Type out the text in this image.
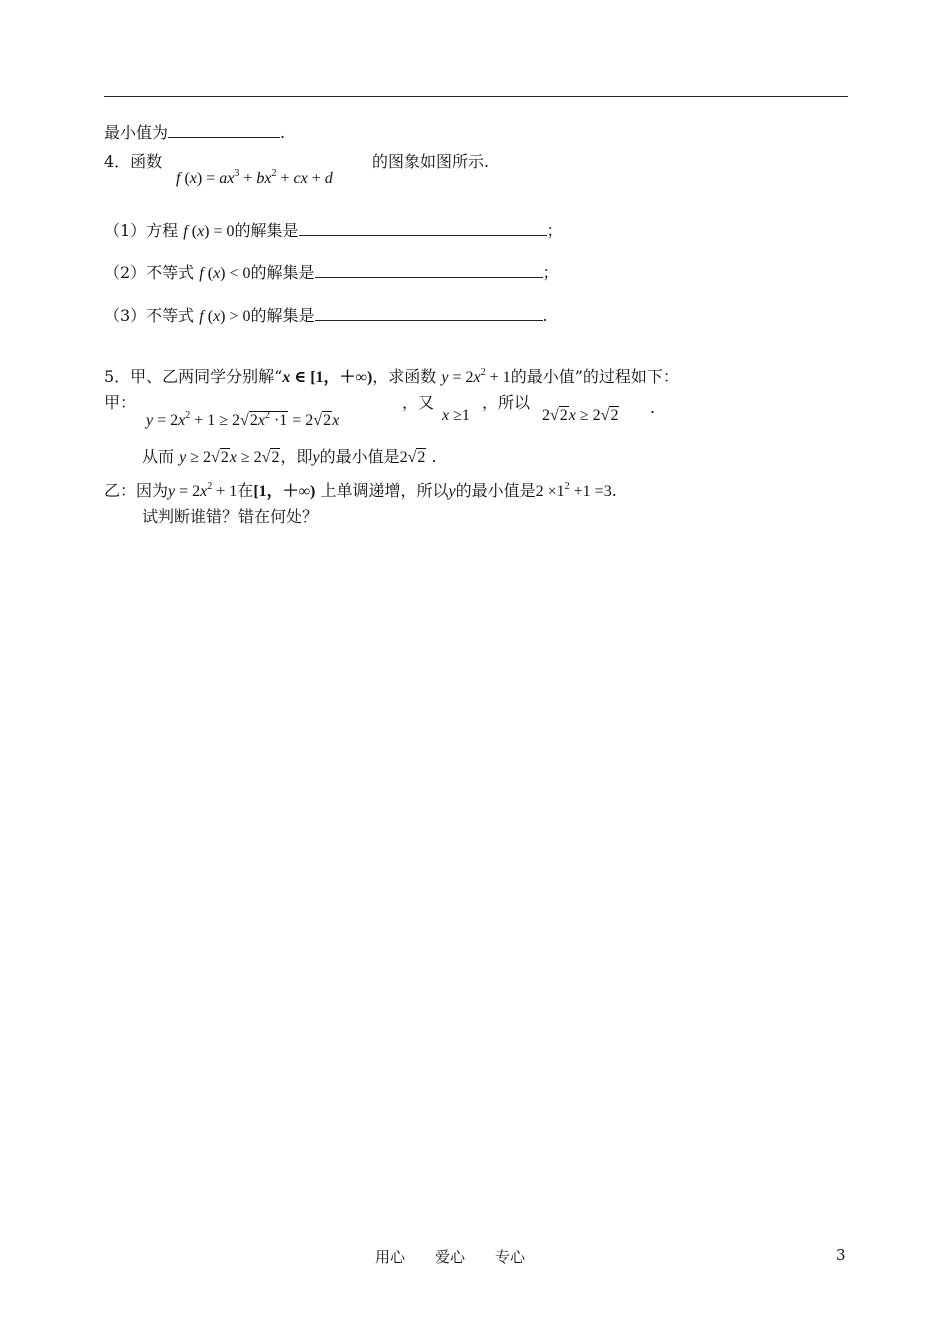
最小值为	.
4．函数
f $(x) = ax^3 + bx^2$ + cx + d
的图象如图所示.
（1）方程 f (x) = 0的解集是	；
（2）不等式 f (x) < 0的解集是	；
（3）不等式 f (x) > 0的解集是	.
5．甲、乙两同学分别解“x ∈ [1，＋∞)，求函数 $y = 2x^2 + 1$的最小值”的过程如下：
甲：
$y = 2x^2 + 1 \ge 2√2x^2 \cdot 1 = 2√2x$
，又
x ≥1
，所以
2√2x ≥ 2√2 .
从而 y ≥ 2√2x ≥ 2√2，即y的最小值是2√2 .
乙：因为$y = 2x^2 + 1$在[1，＋∞) 上单调递增，所以y的最小值是$2 \times 1^2 +1 =3$.
试判断谁错？错在何处？
用心　　爱心　　专心	3
